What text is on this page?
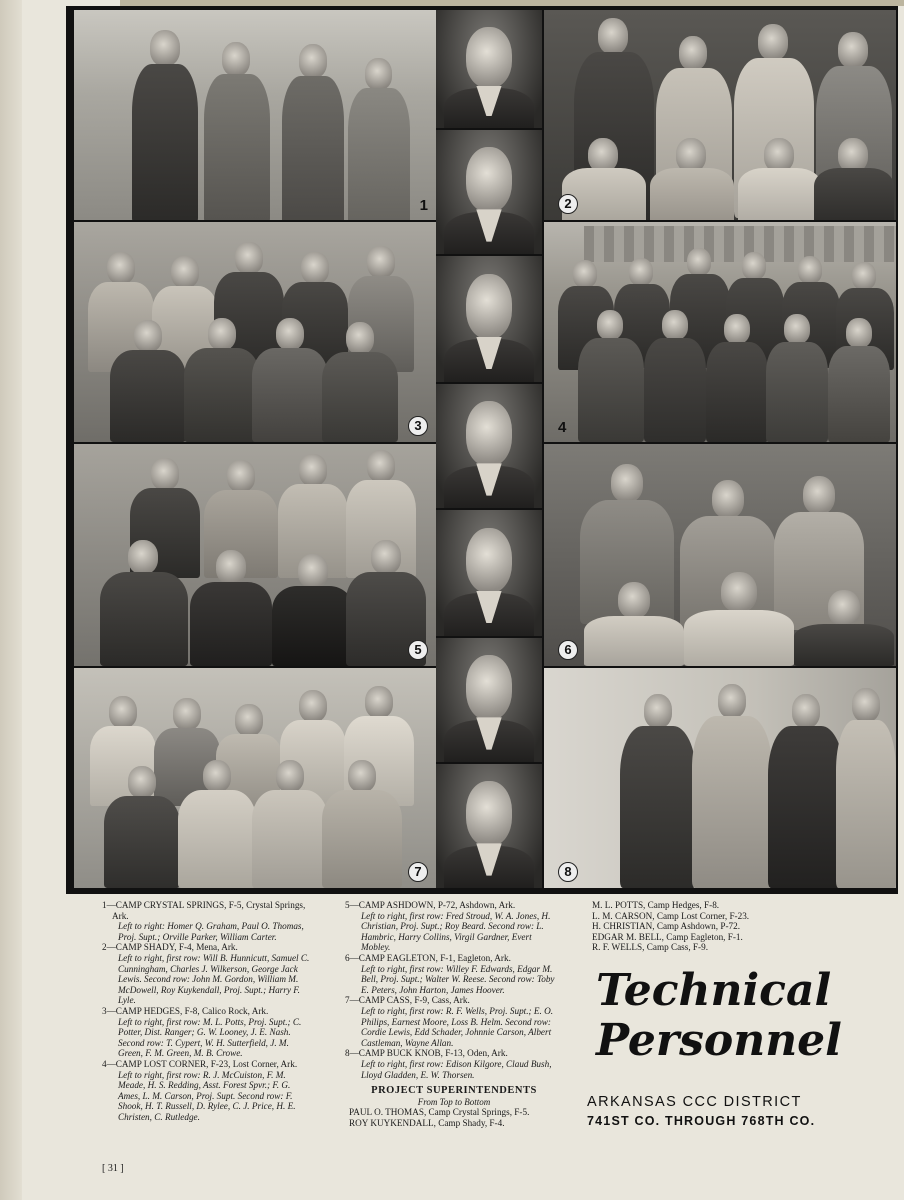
1	2
3	4
5	6
7	8

1—CAMP CRYSTAL SPRINGS, F-5, Crystal Springs, Ark.

Left to right: Homer Q. Graham, Paul O. Thomas, Proj. Supt.; Orville Parker, William Carter.

2—CAMP SHADY, F-4, Mena, Ark.

Left to right, first row: Will B. Hunnicutt, Samuel C. Cunningham, Charles J. Wilkerson, George Jack Lewis. Second row: John M. Gordon, William M. McDowell, Roy Kuykendall, Proj. Supt.; Harry F. Lyle.

3—CAMP HEDGES, F-8, Calico Rock, Ark.

Left to right, first row: M. L. Potts, Proj. Supt.; C. Potter, Dist. Ranger; G. W. Looney, J. E. Nash. Second row: T. Cypert, W. H. Sutterfield, J. M. Green, F. M. Green, M. B. Crowe.

4—CAMP LOST CORNER, F-23, Lost Corner, Ark.

Left to right, first row: R. J. McCuiston, F. M. Meade, H. S. Redding, Asst. Forest Spvr.; F. G. Ames, L. M. Carson, Proj. Supt. Second row: F. Shook, H. T. Russell, D. Rylee, C. J. Price, H. E. Christen, C. Rutledge.

5—CAMP ASHDOWN, P-72, Ashdown, Ark.

Left to right, first row: Fred Stroud, W. A. Jones, H. Christian, Proj. Supt.; Roy Beard. Second row: L. Hambric, Harry Collins, Virgil Gardner, Evert Mobley.

6—CAMP EAGLETON, F-1, Eagleton, Ark.

Left to right, first row: Willey F. Edwards, Edgar M. Bell, Proj. Supt.; Walter W. Reese. Second row: Toby E. Peters, John Harton, James Hoover.

7—CAMP CASS, F-9, Cass, Ark.

Left to right, first row: R. F. Wells, Proj. Supt.; E. O. Philips, Earnest Moore, Loss B. Helm. Second row: Cordie Lewis, Edd Schader, Johnnie Carson, Albert Castleman, Wayne Allan.

8—CAMP BUCK KNOB, F-13, Oden, Ark.

Left to right, first row: Edison Kilgore, Claud Bush, Lloyd Gladden, E. W. Thorsen.

PROJECT SUPERINTENDENTS

From Top to Bottom

PAUL O. THOMAS, Camp Crystal Springs, F-5.

ROY KUYKENDALL, Camp Shady, F-4.

M. L. POTTS, Camp Hedges, F-8.

L. M. CARSON, Camp Lost Corner, F-23.

H. CHRISTIAN, Camp Ashdown, P-72.

EDGAR M. BELL, Camp Eagleton, F-1.

R. F. WELLS, Camp Cass, F-9.

Technical
Personnel
ARKANSAS CCC DISTRICT
741ST CO. THROUGH 768TH CO.
[ 31 ]
